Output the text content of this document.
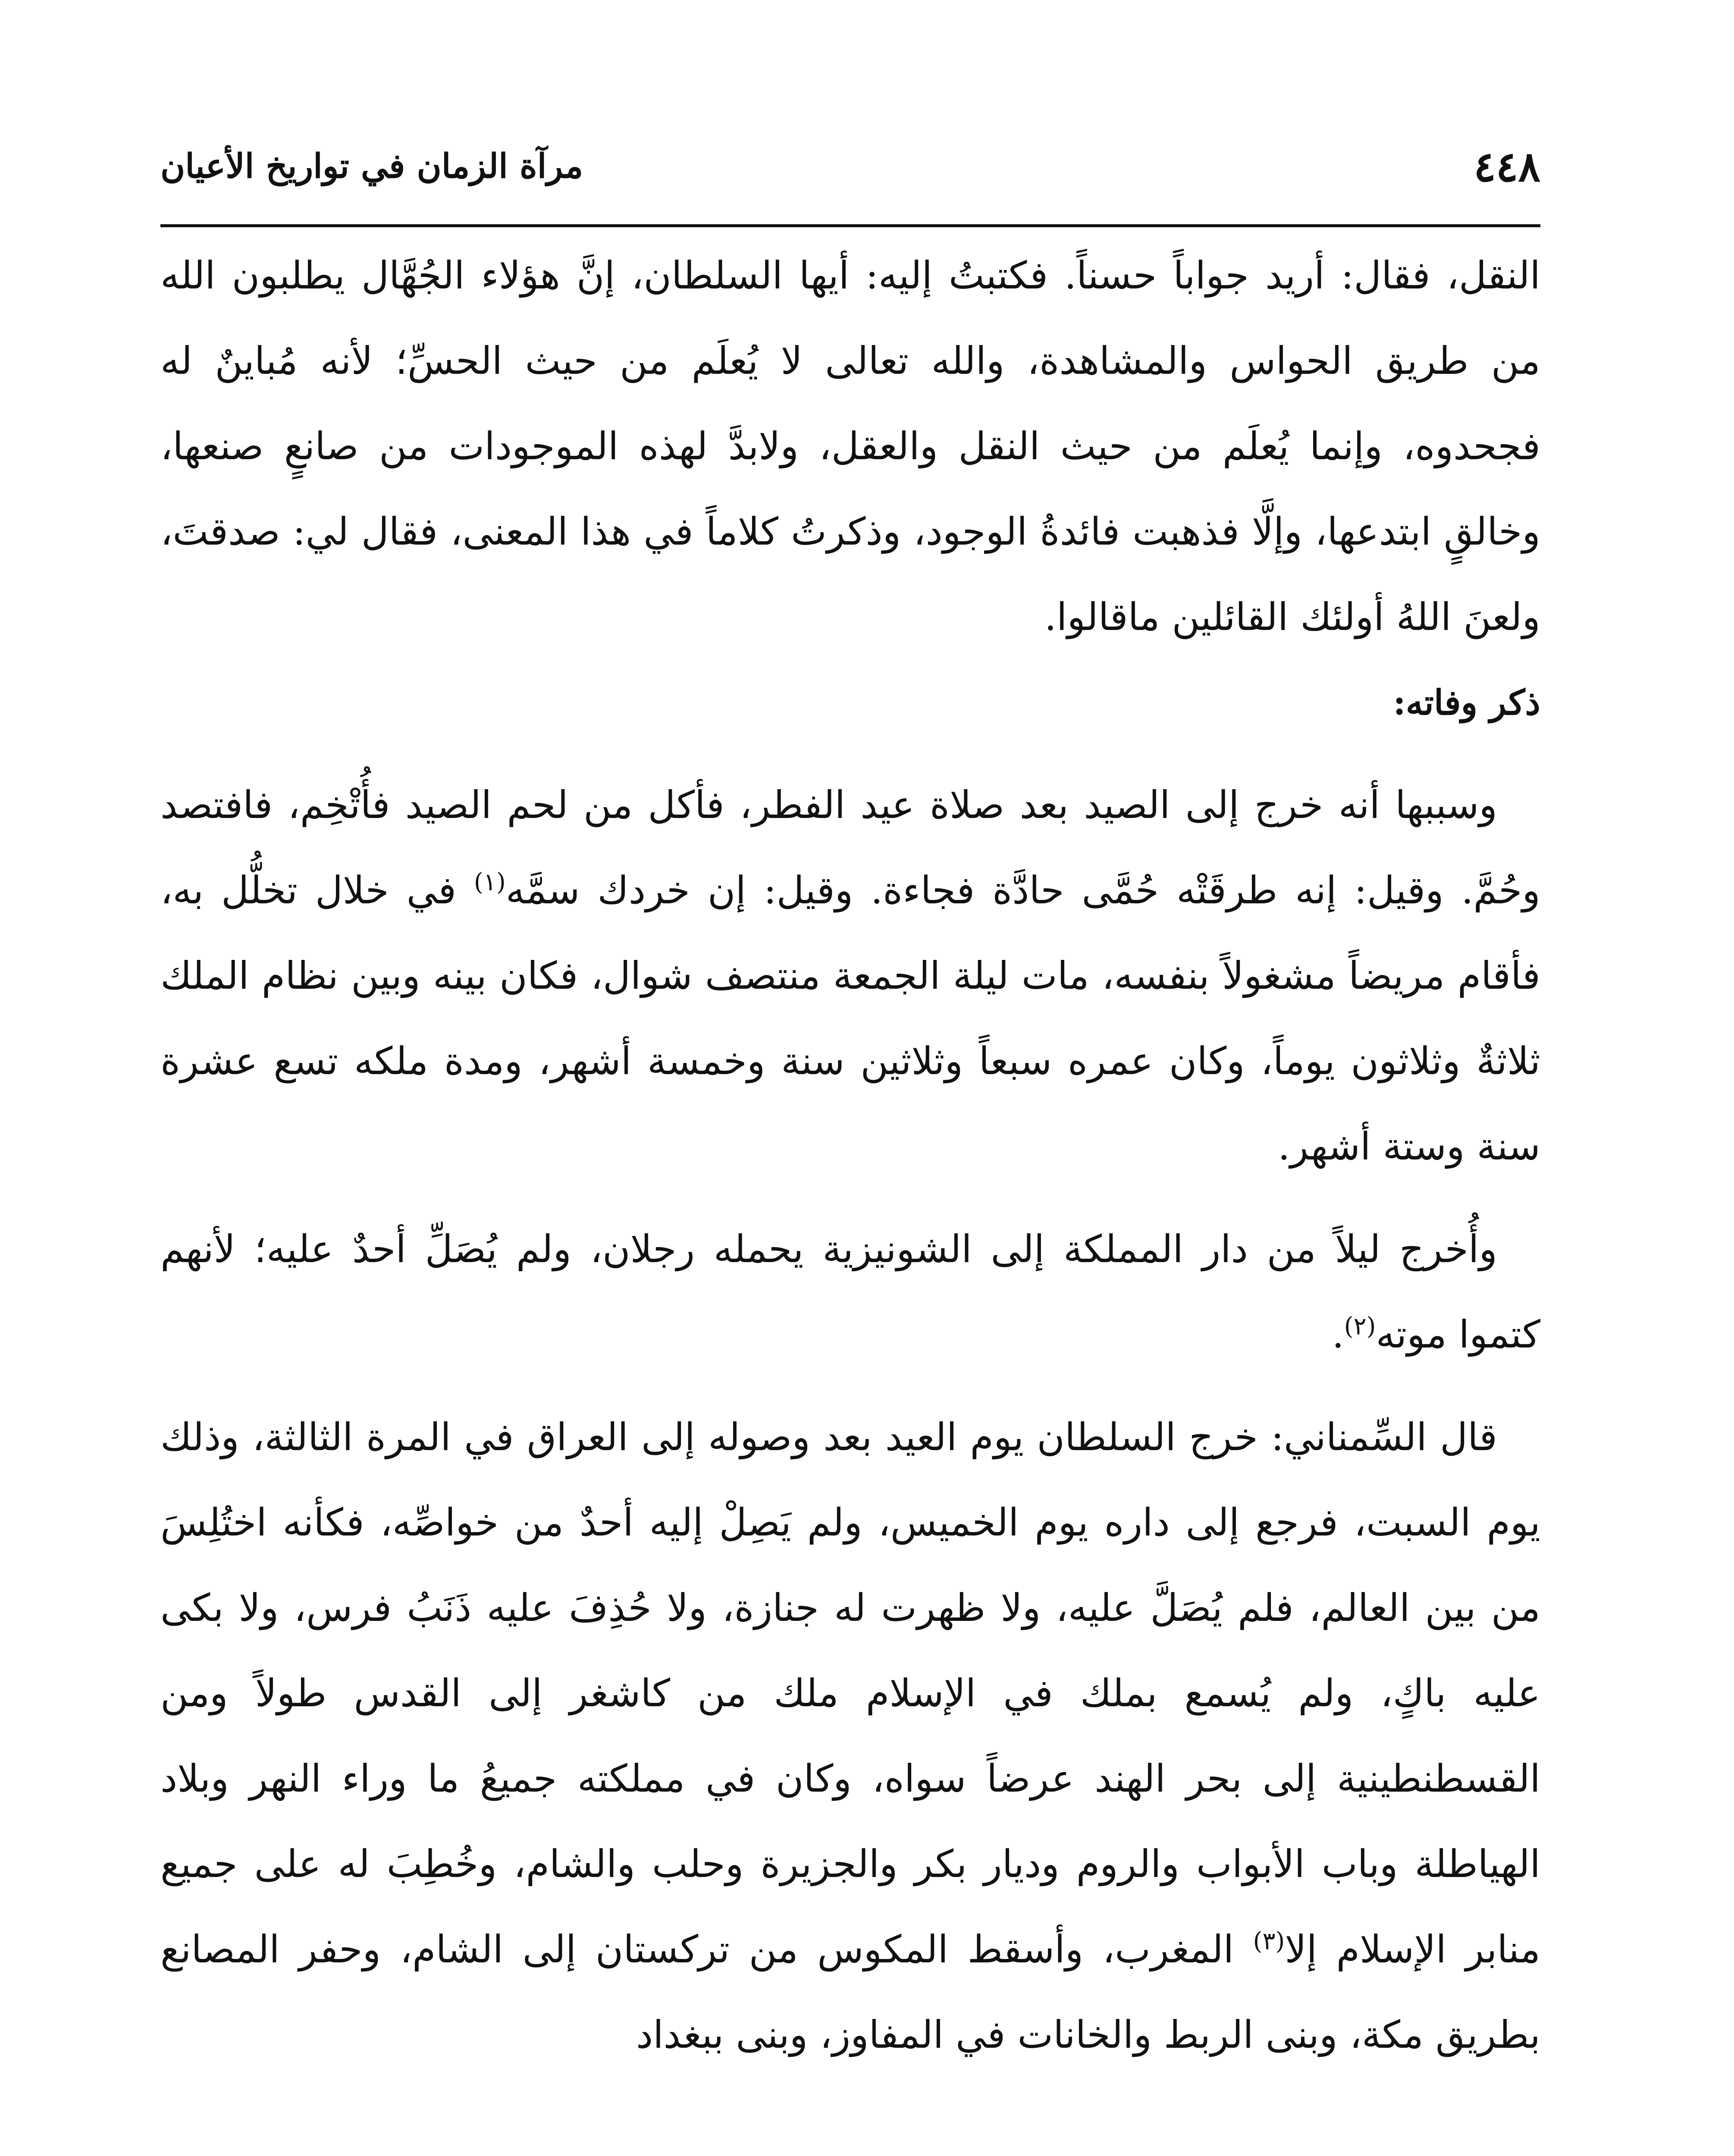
٤٤٨
مرآة الزمان في تواريخ الأعيان

النقل، فقال: أريد جواباً حسناً. فكتبتُ إليه: أيها السلطان، إنَّ هؤلاء الجُهَّال يطلبون الله من طريق الحواس والمشاهدة، والله تعالى لا يُعلَم من حيث الحسِّ؛ لأنه مُباينٌ له فجحدوه، وإنما يُعلَم من حيث النقل والعقل، ولابدَّ لهذه الموجودات من صانعٍ صنعها، وخالقٍ ابتدعها، وإلَّا فذهبت فائدةُ الوجود، وذكرتُ كلاماً في هذا المعنى، فقال لي: صدقتَ، ولعنَ اللهُ أولئك القائلين ماقالوا.

ذكر وفاته:

وسببها أنه خرج إلى الصيد بعد صلاة عيد الفطر، فأكل من لحم الصيد فأُتْخِم، فافتصد وحُمَّ. وقيل: إنه طرقَتْه حُمَّى حادَّة فجاءة. وقيل: إن خردك سمَّه$^{(١)}$ في خلال تخلُّل به، فأقام مريضاً مشغولاً بنفسه، مات ليلة الجمعة منتصف شوال، فكان بينه وبين نظام الملك ثلاثةٌ وثلاثون يوماً، وكان عمره سبعاً وثلاثين سنة وخمسة أشهر، ومدة ملكه تسع عشرة سنة وستة أشهر.

وأُخرج ليلاً من دار المملكة إلى الشونيزية يحمله رجلان، ولم يُصَلِّ أحدٌ عليه؛ لأنهم كتموا موته$^{(٢)}$.

قال السِّمناني: خرج السلطان يوم العيد بعد وصوله إلى العراق في المرة الثالثة، وذلك يوم السبت، فرجع إلى داره يوم الخميس، ولم يَصِلْ إليه أحدٌ من خواصِّه، فكأنه اختُلِسَ من بين العالم، فلم يُصَلَّ عليه، ولا ظهرت له جنازة، ولا حُذِفَ عليه ذَنَبُ فرس، ولا بكى عليه باكٍ، ولم يُسمع بملك في الإسلام ملك من كاشغر إلى القدس طولاً ومن القسطنطينية إلى بحر الهند عرضاً سواه، وكان في مملكته جميعُ ما وراء النهر وبلاد الهياطلة وباب الأبواب والروم وديار بكر والجزيرة وحلب والشام، وخُطِبَ له على جميع منابر الإسلام إلا$^{(٣)}$ المغرب، وأسقط المكوس من تركستان إلى الشام، وحفر المصانع بطريق مكة، وبنى الربط والخانات في المفاوز، وبنى ببغداد
